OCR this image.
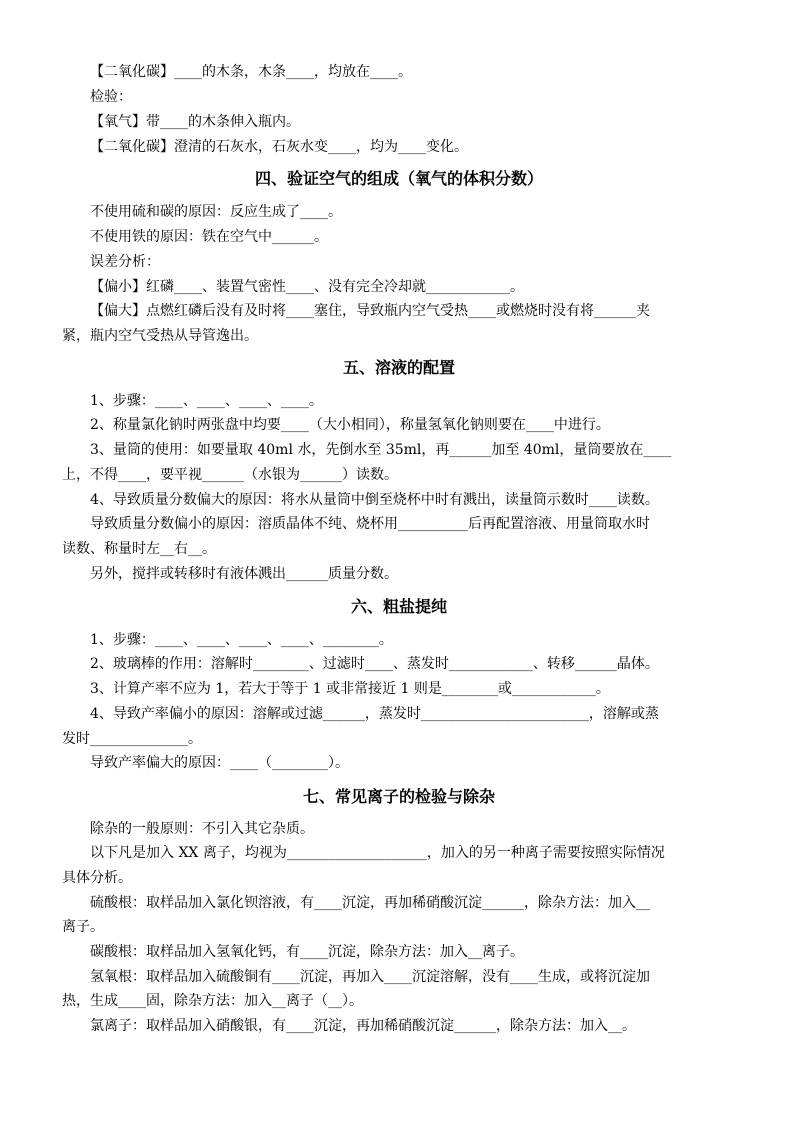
【二氧化碳】____的木条，木条____，均放在____。
检验：
【氧气】带____的木条伸入瓶内。
【二氧化碳】澄清的石灰水，石灰水变____，均为____变化。
四、验证空气的组成（氧气的体积分数）
不使用硫和碳的原因：反应生成了____。
不使用铁的原因：铁在空气中______。
误差分析：
【偏小】红磷____、装置气密性____、没有完全冷却就____________。
【偏大】点燃红磷后没有及时将____塞住，导致瓶内空气受热____或燃烧时没有将______夹
紧，瓶内空气受热从导管逸出。
五、溶液的配置
1、步骤：____、____、____、____。
2、称量氯化钠时两张盘中均要____（大小相同），称量氢氧化钠则要在____中进行。
3、量筒的使用：如要量取 40ml 水，先倒水至 35ml，再______加至 40ml，量筒要放在____
上，不得____，要平视______（水银为______）读数。
4、导致质量分数偏大的原因：将水从量筒中倒至烧杯中时有溅出，读量筒示数时____读数。
导致质量分数偏小的原因：溶质晶体不纯、烧杯用__________后再配置溶液、用量筒取水时
读数、称量时左__右__。
另外，搅拌或转移时有液体溅出______质量分数。
六、粗盐提纯
1、步骤：____、____、____、____、________。
2、玻璃棒的作用：溶解时________、过滤时____、蒸发时____________、转移______晶体。
3、计算产率不应为 1，若大于等于 1 或非常接近 1 则是________或____________。
4、导致产率偏小的原因：溶解或过滤______，蒸发时________________________，溶解或蒸
发时______________。
导致产率偏大的原因：____（________）。
七、常见离子的检验与除杂
除杂的一般原则：不引入其它杂质。
以下凡是加入 XX 离子，均视为____________________，加入的另一种离子需要按照实际情况
具体分析。
硫酸根：取样品加入氯化钡溶液，有____沉淀，再加稀硝酸沉淀______，除杂方法：加入__
离子。
碳酸根：取样品加入氢氧化钙，有____沉淀，除杂方法：加入__离子。
氢氧根：取样品加入硫酸铜有____沉淀，再加入____沉淀溶解，没有____生成，或将沉淀加
热，生成____固，除杂方法：加入__离子（__）。
氯离子：取样品加入硝酸银，有____沉淀，再加稀硝酸沉淀______，除杂方法：加入__。
